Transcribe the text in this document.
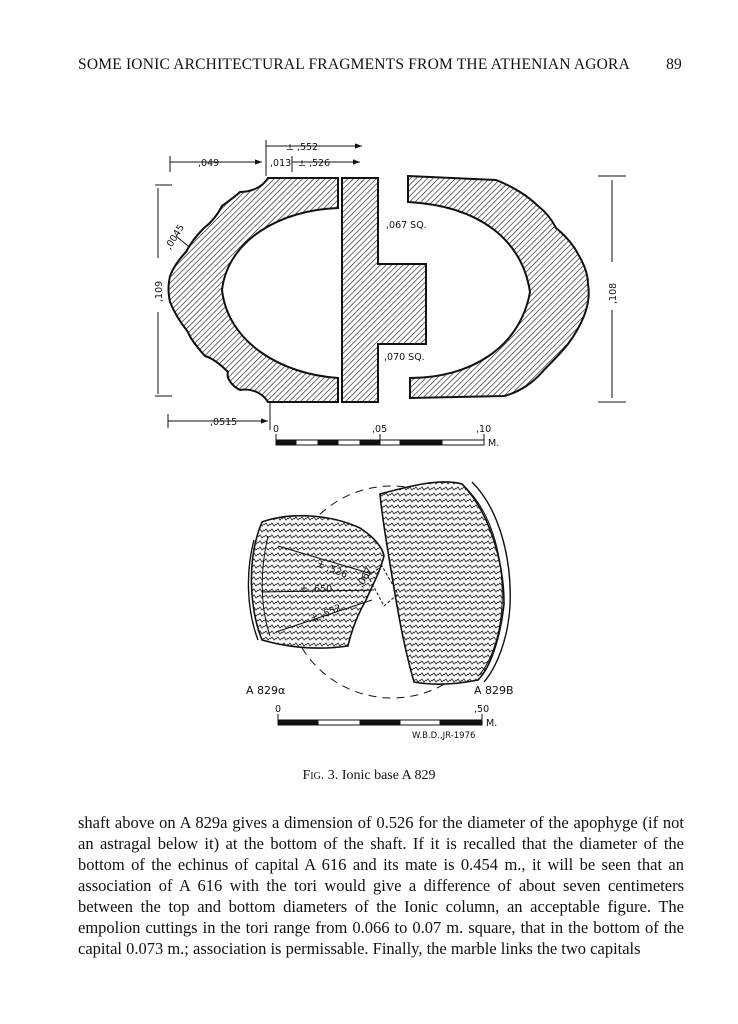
SOME IONIC ARCHITECTURAL FRAGMENTS FROM THE ATHENIAN AGORA 89
± ,552
,049	,013 ± ,526
,0045
,109
,067 SQ.
,070 SQ.
,108
,0515
0	,05	,10
M.
± ,526
± ,650
± ,552
,067
A 829α	A 829B
0	,50
M.
W.B.D.,JR-1976
Fig. 3. Ionic base A 829

shaft above on A 829a gives a dimension of 0.526 for the diameter of the apophyge (if not an astragal below it) at the bottom of the shaft. If it is recalled that the diameter of the bottom of the echinus of capital A 616 and its mate is 0.454 m., it will be seen that an association of A 616 with the tori would give a difference of about seven centimeters between the top and bottom diameters of the Ionic column, an acceptable figure. The empolion cuttings in the tori range from 0.066 to 0.07 m. square, that in the bottom of the capital 0.073 m.; association is permissable. Finally, the marble links the two capitals
